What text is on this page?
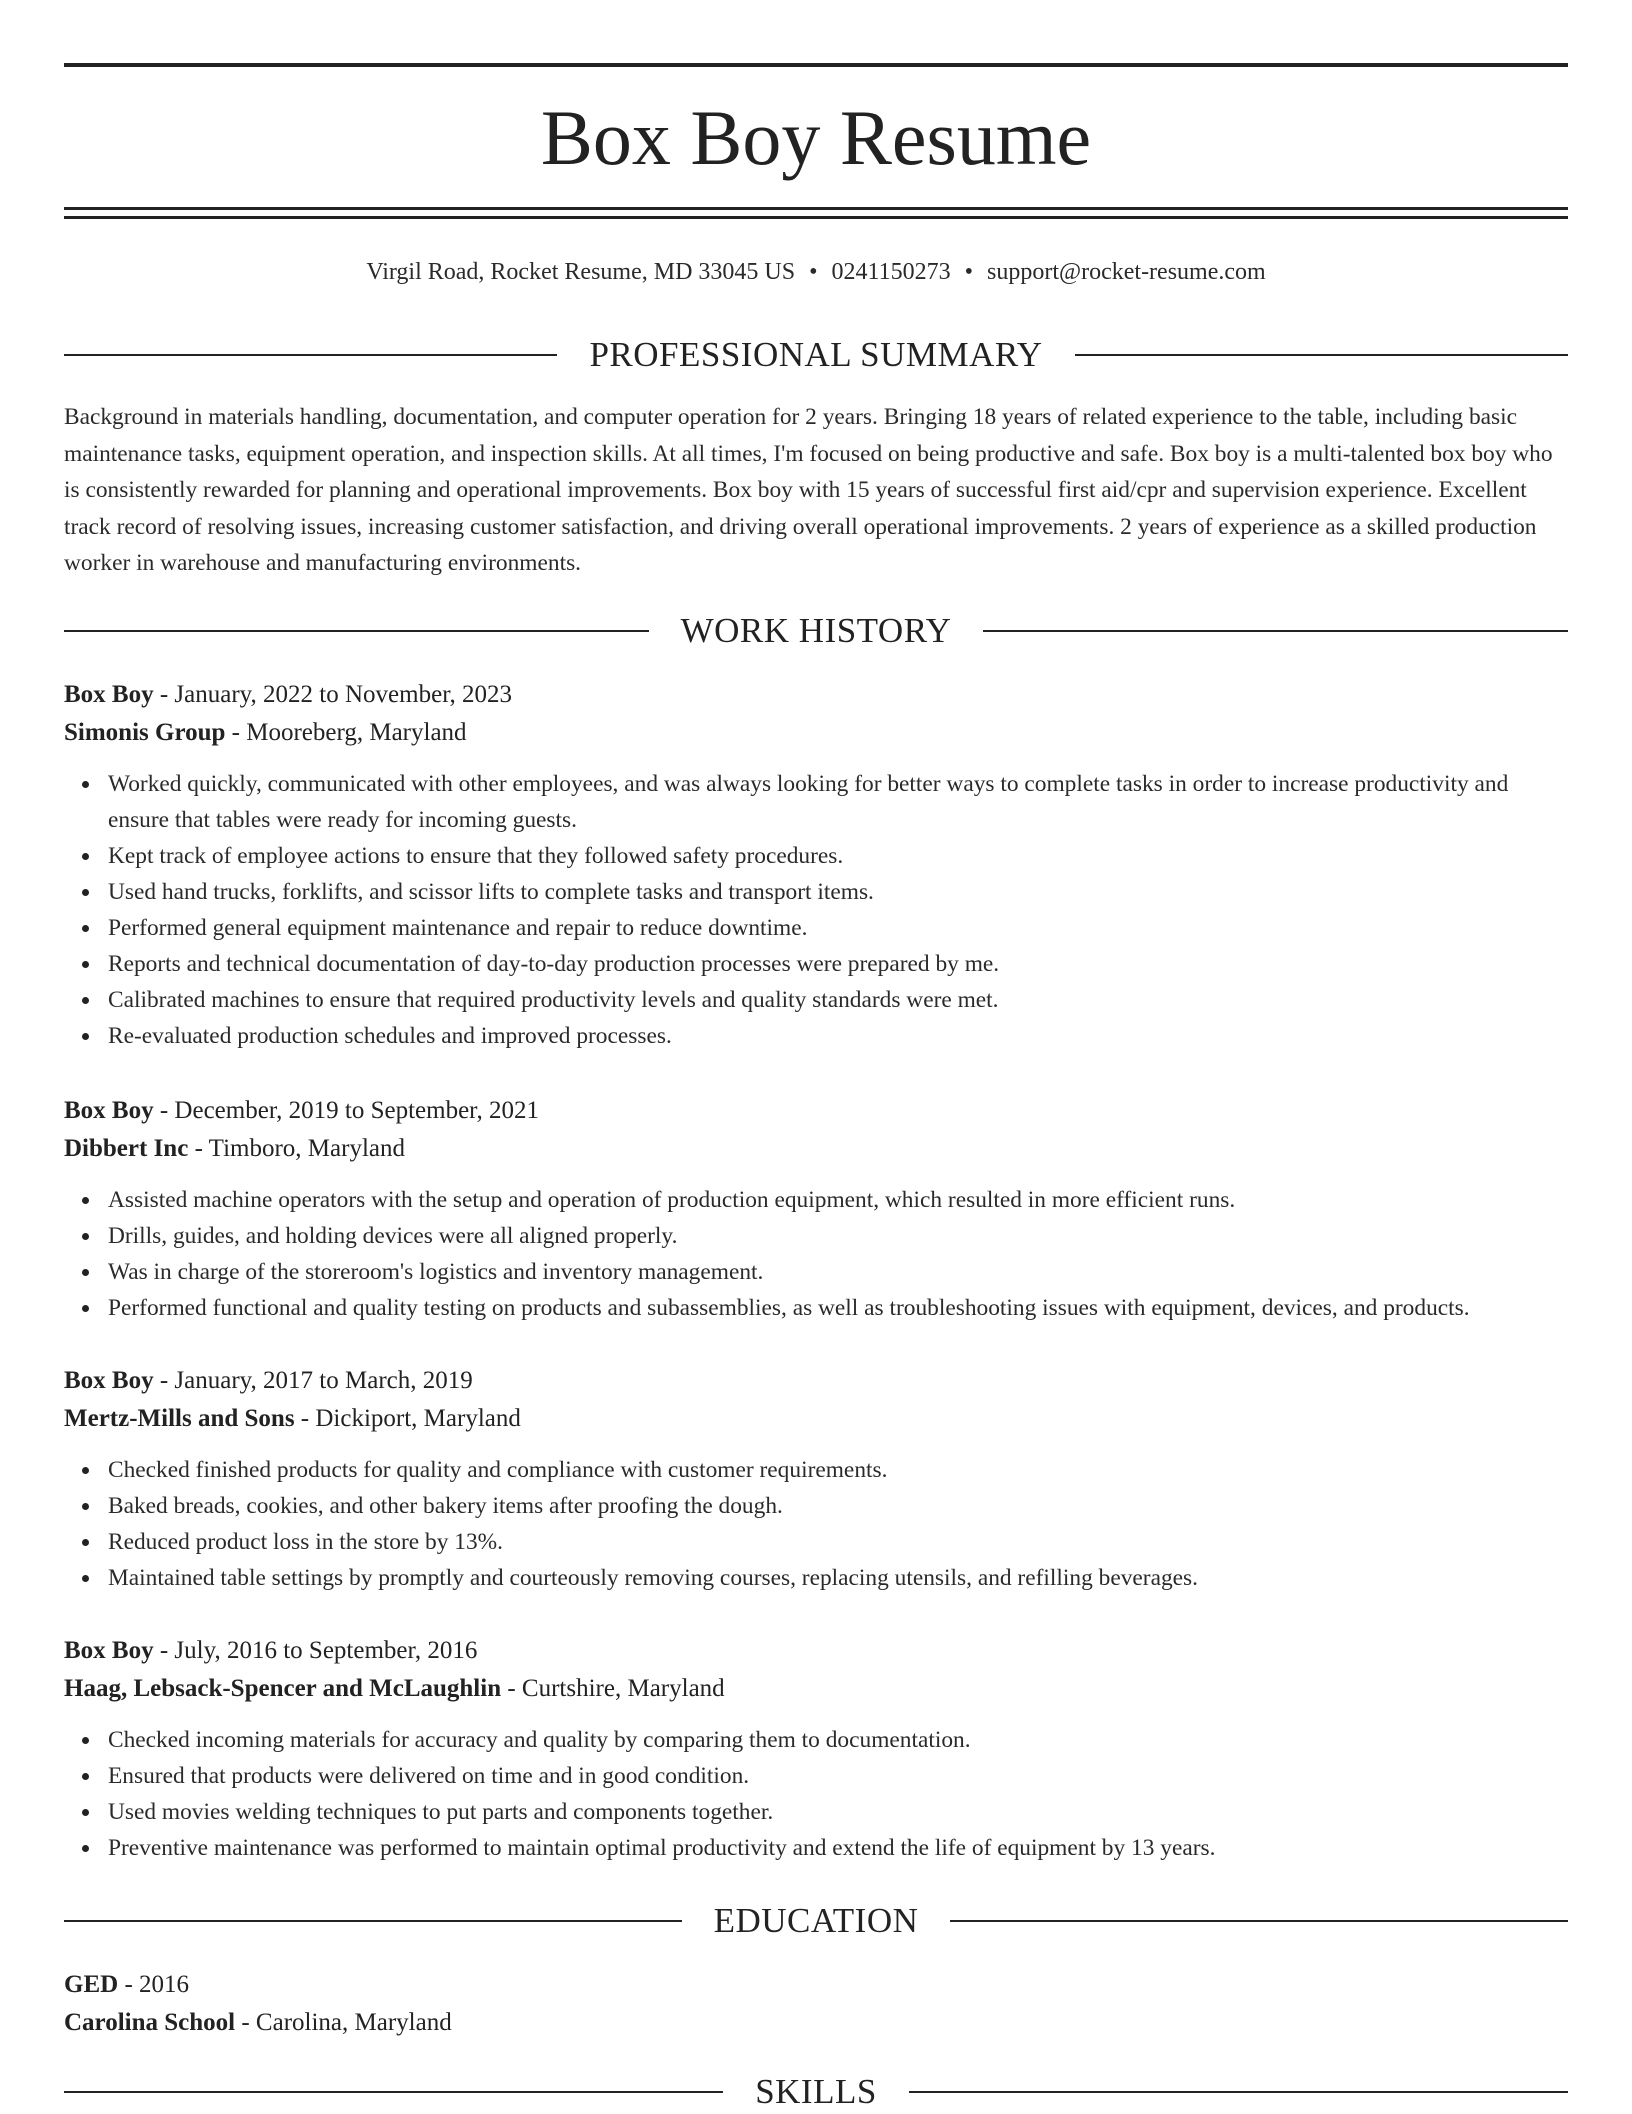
Box Boy Resume
Virgil Road, Rocket Resume, MD 33045 US • 0241150273 • support@rocket-resume.com
PROFESSIONAL SUMMARY

Background in materials handling, documentation, and computer operation for 2 years. Bringing 18 years of related experience to the table, including basic maintenance tasks, equipment operation, and inspection skills. At all times, I'm focused on being productive and safe. Box boy is a multi-talented box boy who is consistently rewarded for planning and operational improvements. Box boy with 15 years of successful first aid/cpr and supervision experience. Excellent track record of resolving issues, increasing customer satisfaction, and driving overall operational improvements. 2 years of experience as a skilled production worker in warehouse and manufacturing environments.

WORK HISTORY
Box Boy - January, 2022 to November, 2023
Simonis Group - Mooreberg, Maryland
Worked quickly, communicated with other employees, and was always looking for better ways to complete tasks in order to increase productivity and ensure that tables were ready for incoming guests.
Kept track of employee actions to ensure that they followed safety procedures.
Used hand trucks, forklifts, and scissor lifts to complete tasks and transport items.
Performed general equipment maintenance and repair to reduce downtime.
Reports and technical documentation of day-to-day production processes were prepared by me.
Calibrated machines to ensure that required productivity levels and quality standards were met.
Re-evaluated production schedules and improved processes.
Box Boy - December, 2019 to September, 2021
Dibbert Inc - Timboro, Maryland
Assisted machine operators with the setup and operation of production equipment, which resulted in more efficient runs.
Drills, guides, and holding devices were all aligned properly.
Was in charge of the storeroom's logistics and inventory management.
Performed functional and quality testing on products and subassemblies, as well as troubleshooting issues with equipment, devices, and products.
Box Boy - January, 2017 to March, 2019
Mertz-Mills and Sons - Dickiport, Maryland
Checked finished products for quality and compliance with customer requirements.
Baked breads, cookies, and other bakery items after proofing the dough.
Reduced product loss in the store by 13%.
Maintained table settings by promptly and courteously removing courses, replacing utensils, and refilling beverages.
Box Boy - July, 2016 to September, 2016
Haag, Lebsack-Spencer and McLaughlin - Curtshire, Maryland
Checked incoming materials for accuracy and quality by comparing them to documentation.
Ensured that products were delivered on time and in good condition.
Used movies welding techniques to put parts and components together.
Preventive maintenance was performed to maintain optimal productivity and extend the life of equipment by 13 years.
EDUCATION
GED - 2016
Carolina School - Carolina, Maryland
SKILLS
